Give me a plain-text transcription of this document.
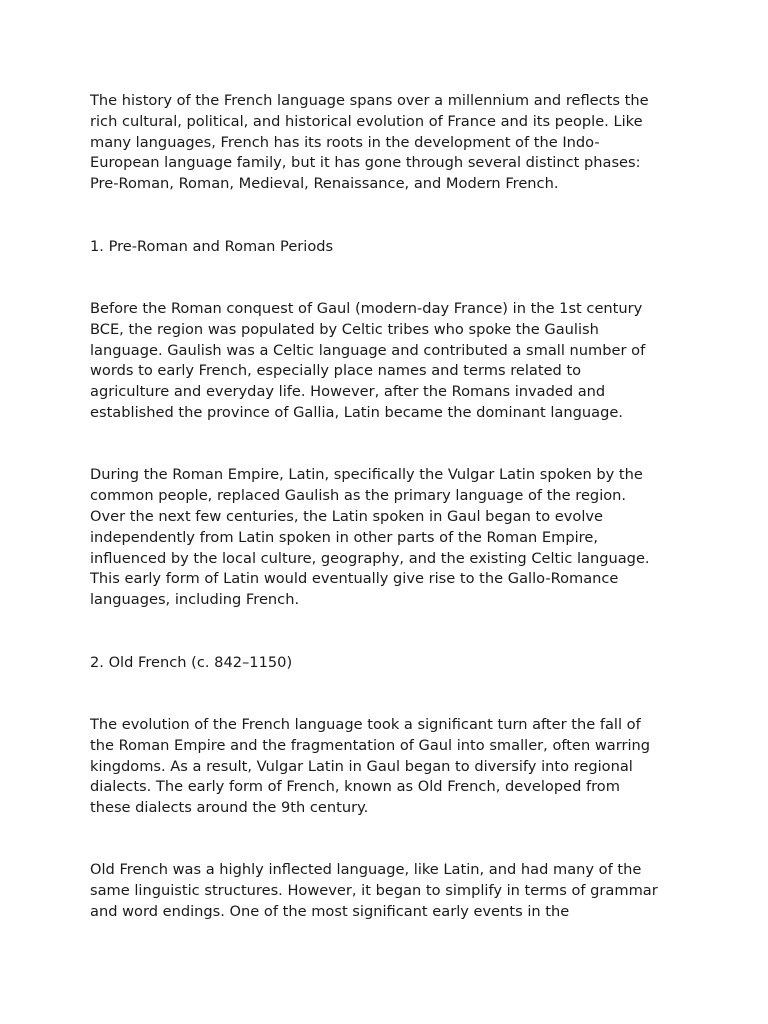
The history of the French language spans over a millennium and reflects the
rich cultural, political, and historical evolution of France and its people. Like
many languages, French has its roots in the development of the Indo-
European language family, but it has gone through several distinct phases:
Pre-Roman, Roman, Medieval, Renaissance, and Modern French.

1. Pre-Roman and Roman Periods

Before the Roman conquest of Gaul (modern-day France) in the 1st century
BCE, the region was populated by Celtic tribes who spoke the Gaulish
language. Gaulish was a Celtic language and contributed a small number of
words to early French, especially place names and terms related to
agriculture and everyday life. However, after the Romans invaded and
established the province of Gallia, Latin became the dominant language.

During the Roman Empire, Latin, specifically the Vulgar Latin spoken by the
common people, replaced Gaulish as the primary language of the region.
Over the next few centuries, the Latin spoken in Gaul began to evolve
independently from Latin spoken in other parts of the Roman Empire,
influenced by the local culture, geography, and the existing Celtic language.
This early form of Latin would eventually give rise to the Gallo-Romance
languages, including French.

2. Old French (c. 842–1150)

The evolution of the French language took a significant turn after the fall of
the Roman Empire and the fragmentation of Gaul into smaller, often warring
kingdoms. As a result, Vulgar Latin in Gaul began to diversify into regional
dialects. The early form of French, known as Old French, developed from
these dialects around the 9th century.

Old French was a highly inflected language, like Latin, and had many of the
same linguistic structures. However, it began to simplify in terms of grammar
and word endings. One of the most significant early events in the
